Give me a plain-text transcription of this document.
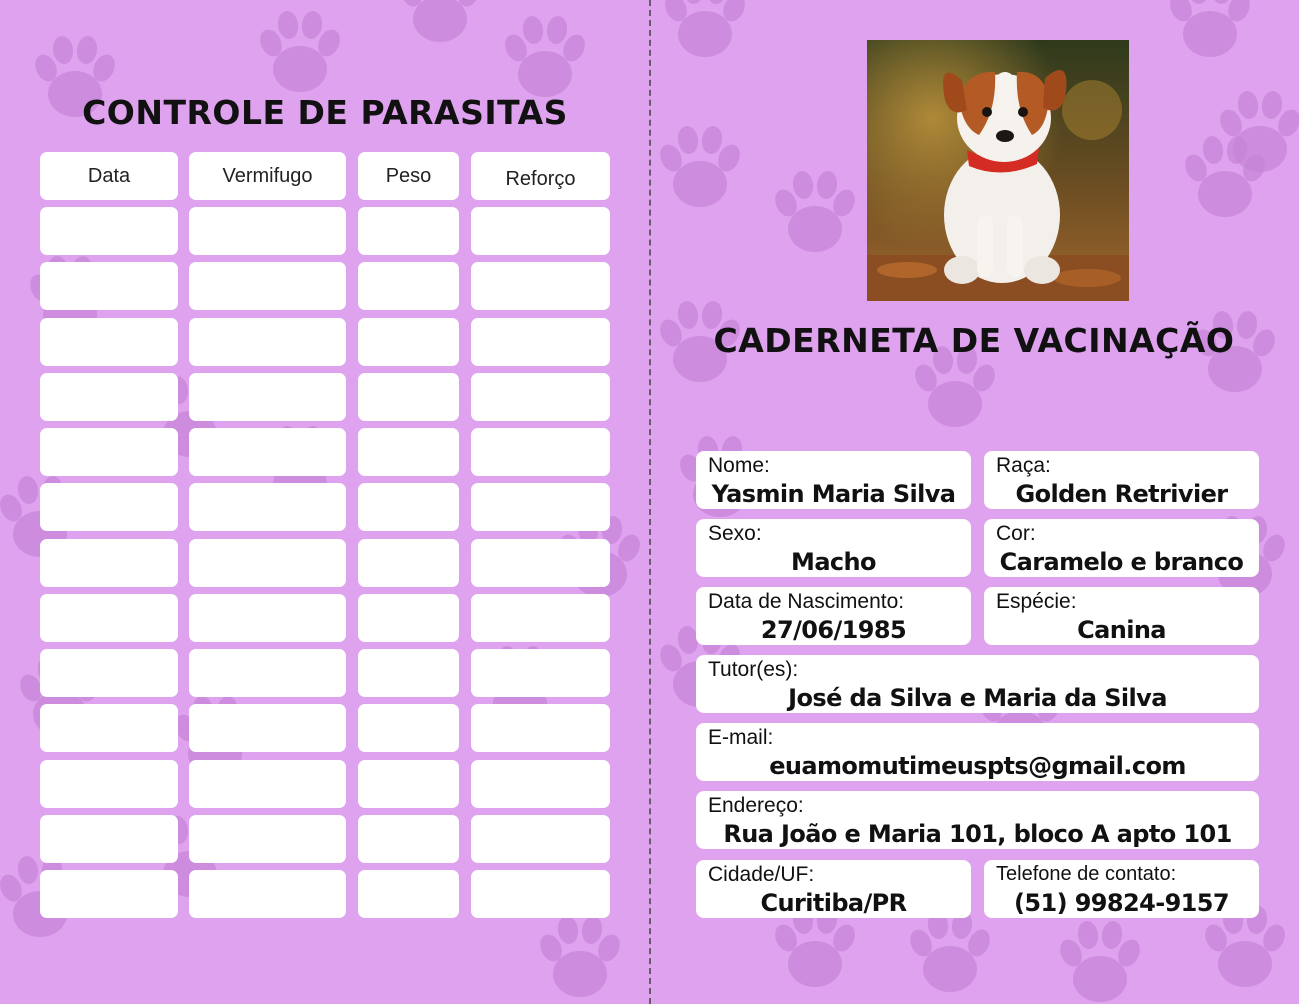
CONTROLE DE PARASITAS
Data	Vermifugo	Peso	Reforço
CADERNETA DE VACINAÇÃO
Nome:
Yasmin Maria Silva
Raça:
Golden Retrivier
Sexo:
Macho
Cor:
Caramelo e branco
Data de Nascimento:
27/06/1985
Espécie:
Canina
Tutor(es):
José da Silva e Maria da Silva
E-mail:
euamomutimeuspts@gmail.com
Endereço:
Rua João e Maria 101, bloco A apto 101
Cidade/UF:
Curitiba/PR
Telefone de contato:
(51) 99824-9157
